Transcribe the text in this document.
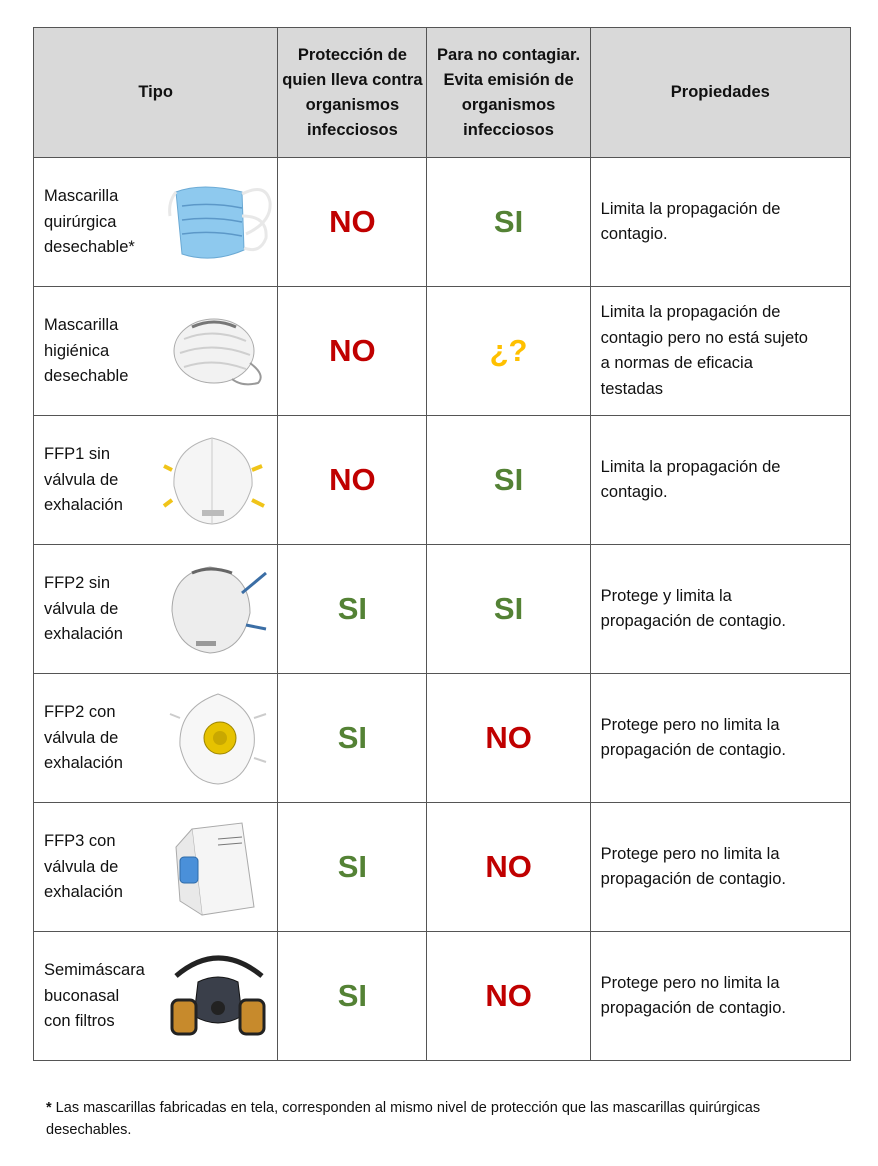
Tipo	Protección de quien lleva contra organismos infecciosos	Para no contagiar. Evita emisión de organismos infecciosos	Propiedades

Mascarilla
quirúrgica
desechable*	NO	SI	Limita la propagación de
contagio.

Mascarilla
higiénica
desechable	NO	¿?	Limita la propagación de
contagio pero no está sujeto
a normas de eficacia
testadas

FFP1 sin
válvula de
exhalación	NO	SI	Limita la propagación de
contagio.

FFP2 sin
válvula de
exhalación	SI	SI	Protege y limita la
propagación de contagio.

FFP2 con
válvula de
exhalación	SI	NO	Protege pero no limita la
propagación de contagio.

FFP3 con
válvula de
exhalación	SI	NO	Protege pero no limita la
propagación de contagio.

Semimáscara
buconasal
con filtros	SI	NO	Protege pero no limita la
propagación de contagio.
* Las mascarillas fabricadas en tela, corresponden al mismo nivel de protección que las mascarillas quirúrgicas desechables.
